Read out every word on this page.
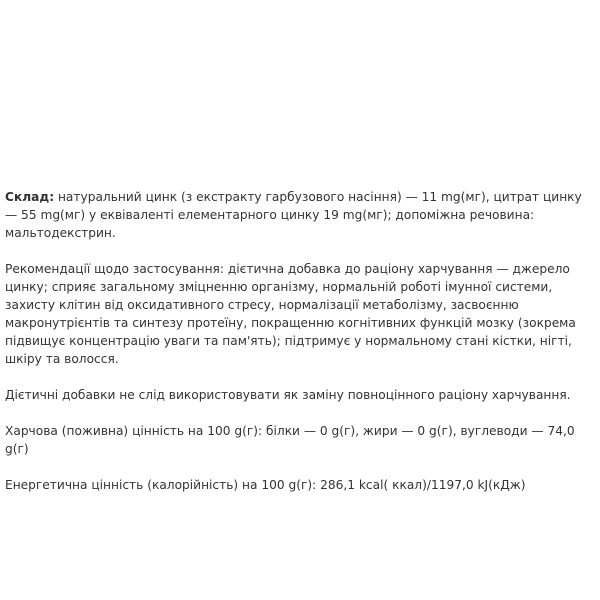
Склад: натуральний цинк (з екстракту гарбузового насіння) — 11 mg(мг), цитрат цинку — 55 mg(мг) у еквіваленті елементарного цинку 19 mg(мг); допоміжна речовина: мальтодекстрин.

Рекомендації щодо застосування: дієтична добавка до раціону харчування — джерело цинку; сприяє загальному зміцненню організму, нормальній роботі імунної системи, захисту клітин від оксидативного стресу, нормалізації метаболізму, засвоєнню макронутрієнтів та синтезу протеїну, покращенню когнітивних функцій мозку (зокрема підвищує концентрацію уваги та пам'ять); підтримує у нормальному стані кістки, нігті, шкіру та волосся.

Дієтичні добавки не слід використовувати як заміну повноцінного раціону харчування.

Харчова (поживна) цінність на 100 g(г): білки — 0 g(г), жири — 0 g(г), вуглеводи — 74,0 g(г)

Енергетична цінність (калорійність) на 100 g(г): 286,1 kcal( ккал)/1197,0 kJ(кДж)
